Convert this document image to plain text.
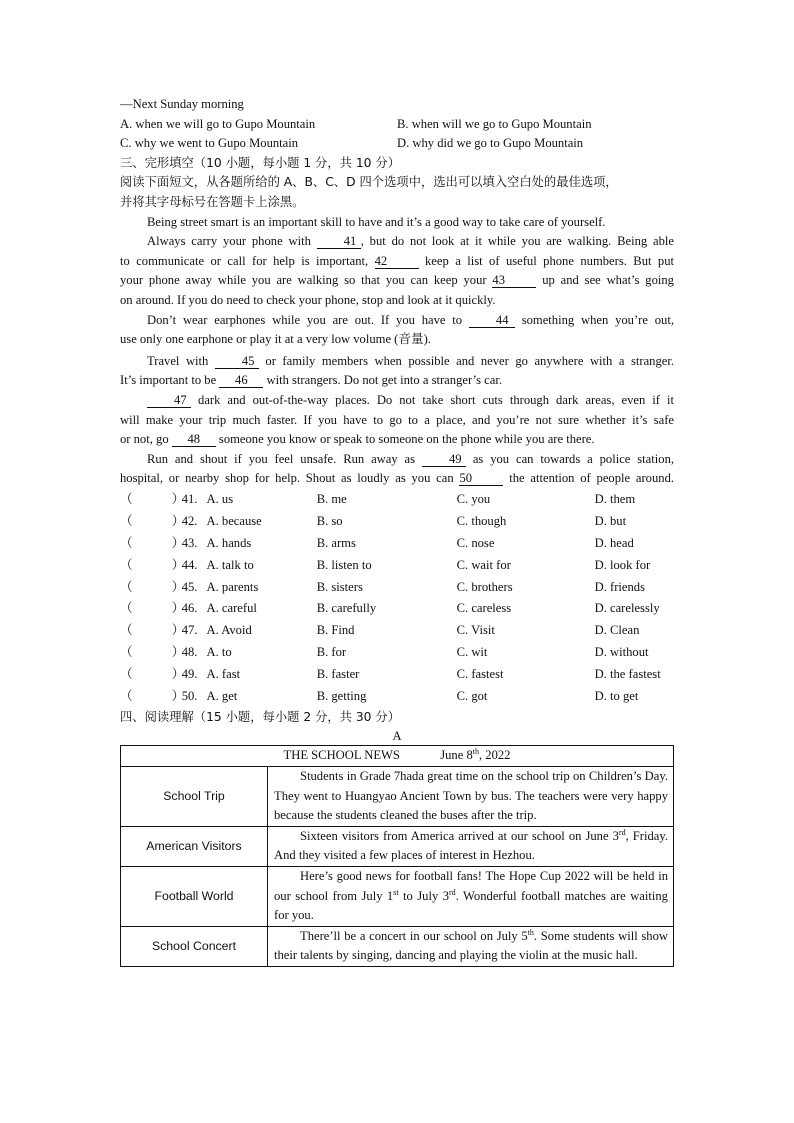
—Next Sunday morning
A. when we will go to Gupo Mountain	B. when will we go to Gupo Mountain
C. why we went to Gupo Mountain	D. why did we go to Gupo Mountain
三、完形填空（10 小题，每小题 1 分，共 10 分）
阅读下面短文，从各题所给的 A、B、C、D 四个选项中，选出可以填入空白处的最佳选项，
并将其字母标号在答题卡上涂黑。
Being street smart is an important skill to have and it’s a good way to take care of yourself.
Always carry your phone with 41 , but do not look at it while you are walking. Being able
to communicate or call for help is important, 42 keep a list of useful phone numbers. But put
your phone away while you are walking so that you can keep your 43 up and see what’s going
on around. If you do need to check your phone, stop and look at it quickly.
Don’t wear earphones while you are out. If you have to 44 something when you’re out,
use only one earphone or play it at a very low volume (音量).
Travel with 45 or family members when possible and never go anywhere with a stranger.
It’s important to be 46 with strangers. Do not get into a stranger’s car.
47 dark and out-of-the-way places. Do not take short cuts through dark areas, even if it
will make your trip much faster. If you have to go to a place, and you’re not sure whether it’s safe
or not, go 48 someone you know or speak to someone on the phone while you are there.
Run and shout if you feel unsafe. Run away as 49 as you can towards a police station,
hospital, or nearby shop for help. Shout as loudly as you can 50 the attention of people around.
（	）
41. A. us	B. me	C. you	D. them
（	）
42. A. because	B. so	C. though	D. but
（	）
43. A. hands	B. arms	C. nose	D. head
（	）
44. A. talk to	B. listen to	C. wait for	D. look for
（	）
45. A. parents	B. sisters	C. brothers	D. friends
（	）
46. A. careful	B. carefully	C. careless	D. carelessly
（	）
47. A. Avoid	B. Find	C. Visit	D. Clean
（	）
48. A. to	B. for	C. wit	D. without
（	）
49. A. fast	B. faster	C. fastest	D. the fastest
（	）
50. A. get	B. getting	C. got	D. to get
四、阅读理解（15 小题，每小题 2 分，共 30 分）
A
THE SCHOOL NEWS June 8th, 2022	
School Trip	Students in Grade 7hada great time on the school trip on Children’s Day. They went to Huangyao Ancient Town by bus. The teachers were very happy because the students cleaned the buses after the trip.
American Visitors	Sixteen visitors from America arrived at our school on June 3rd, Friday. And they visited a few places of interest in Hezhou.
Football World	Here’s good news for football fans! The Hope Cup 2022 will be held in our school from July 1st to July 3rd. Wonderful football matches are waiting for you.
School Concert	There’ll be a concert in our school on July 5th. Some students will show their talents by singing, dancing and playing the violin at the music hall.
